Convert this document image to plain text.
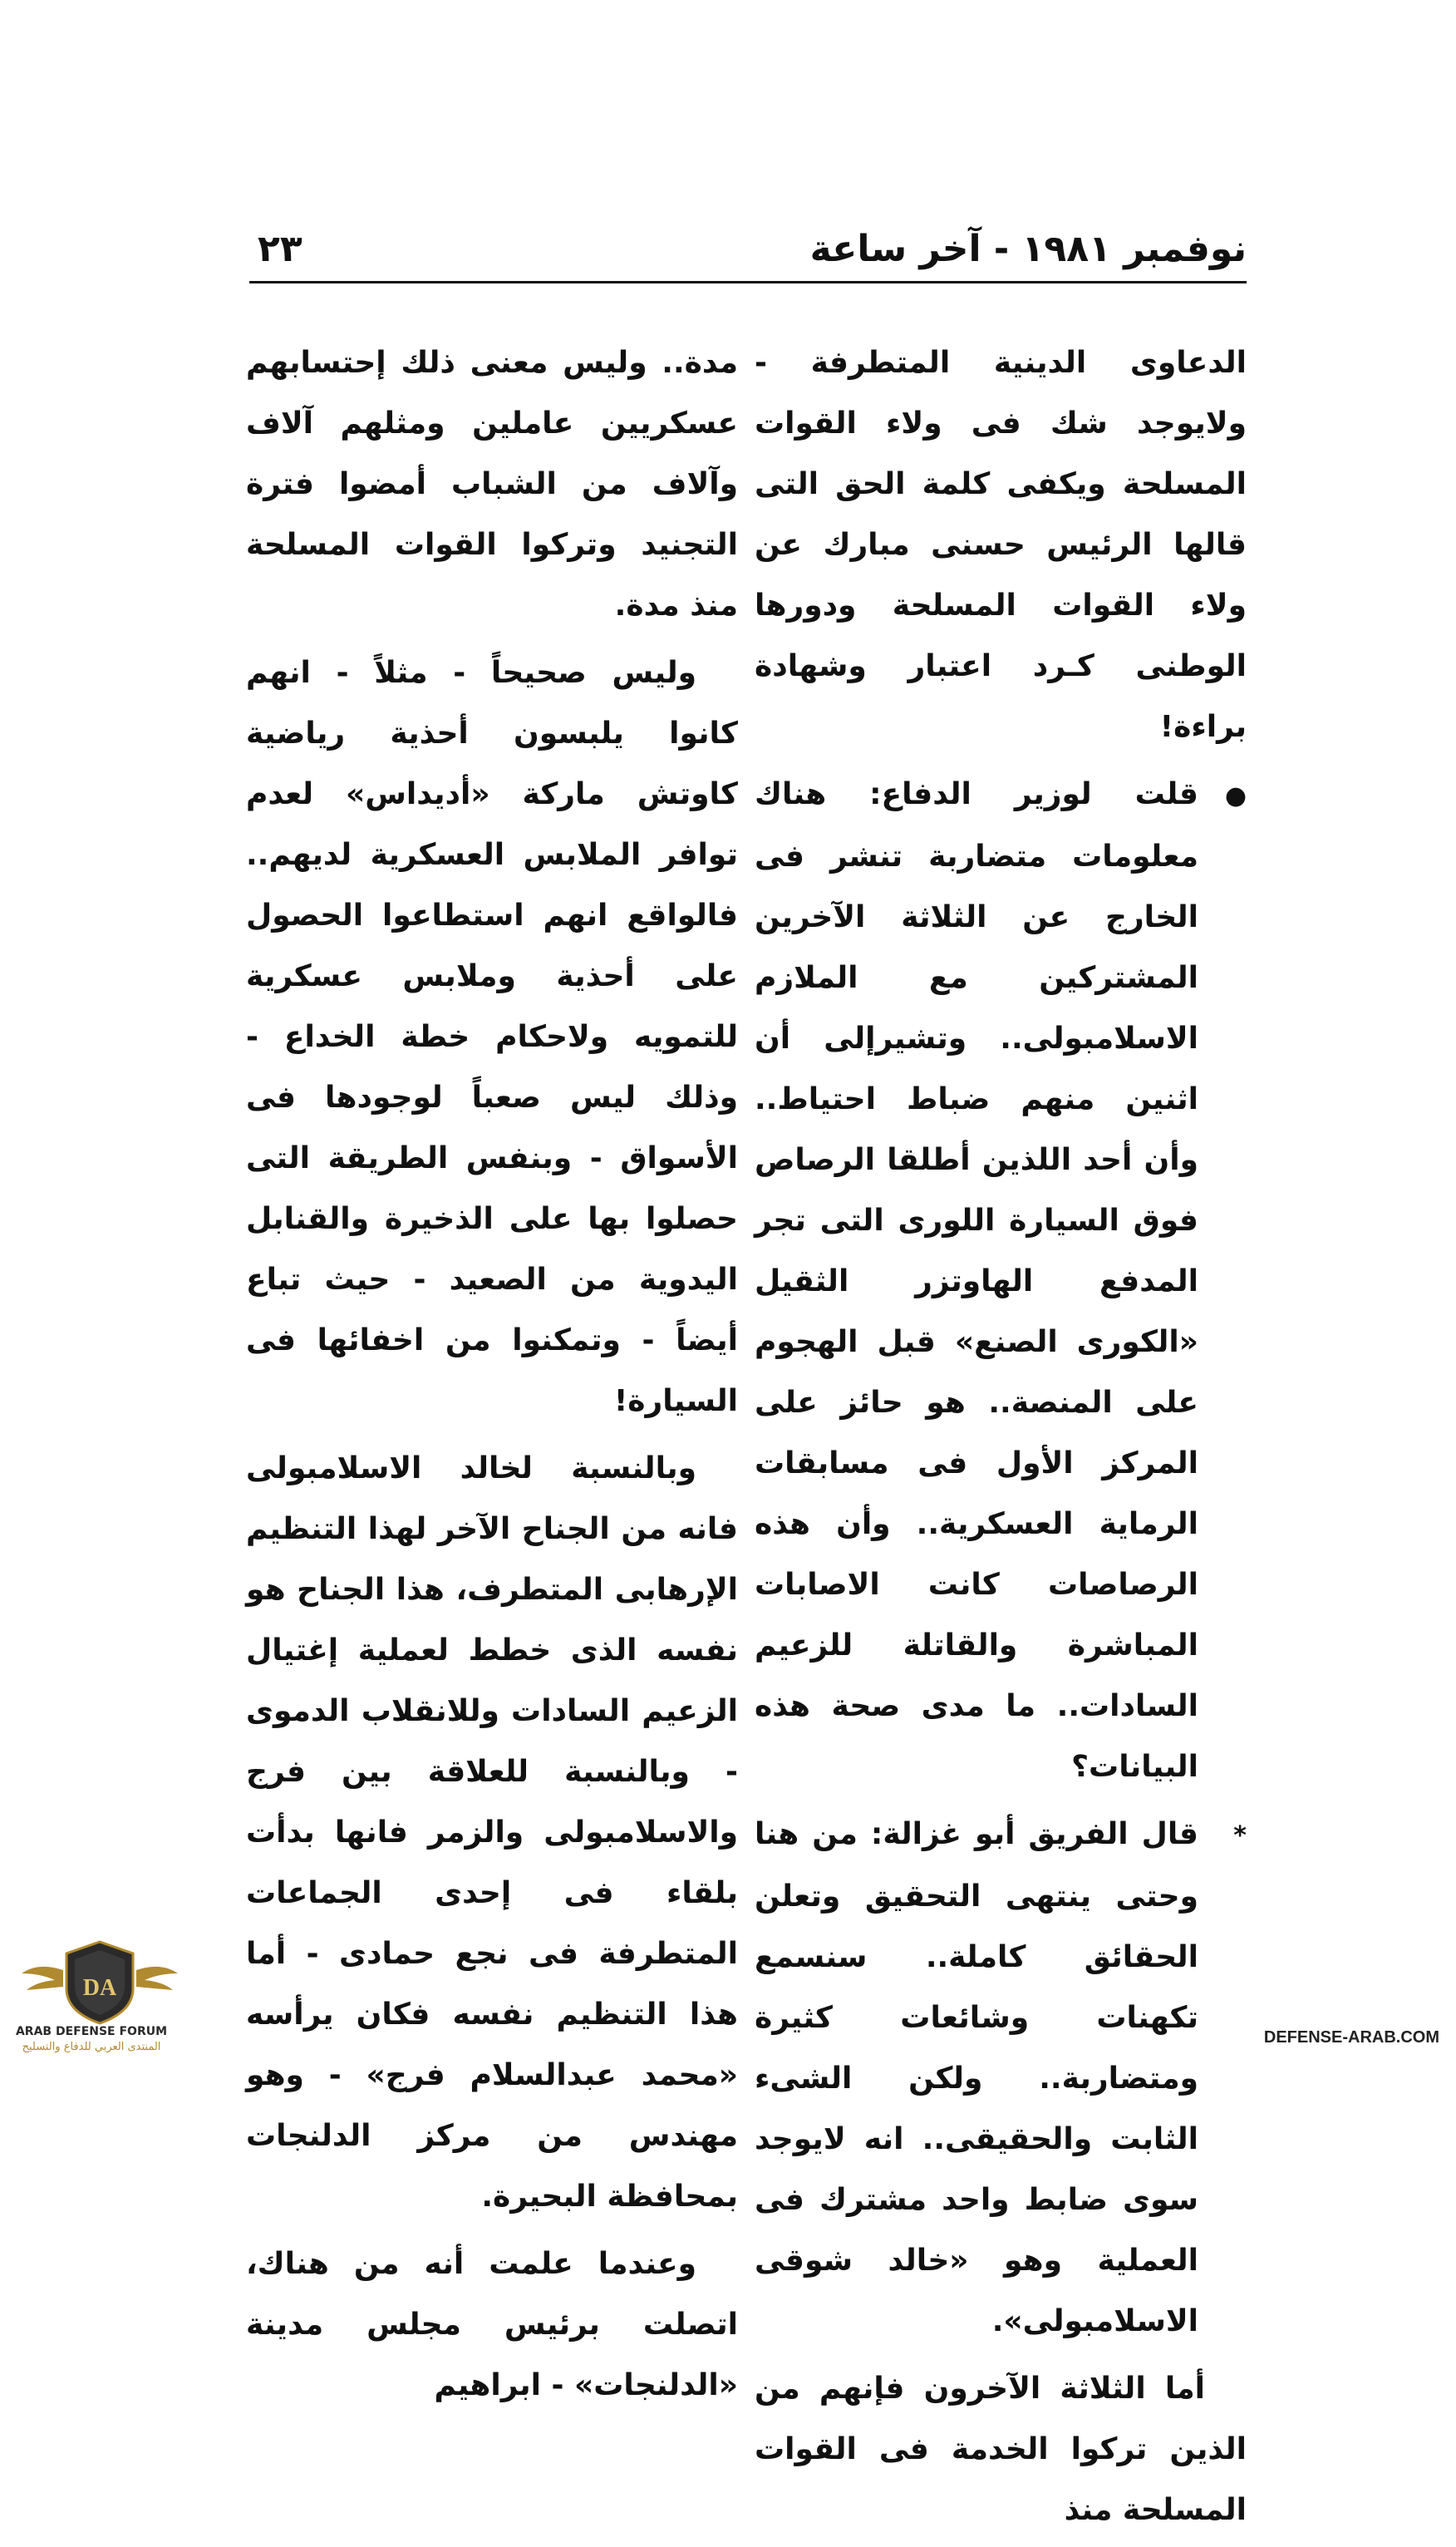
نوفمبر ١٩٨١ - آخر ساعة
٢٣

الدعاوى الدينية المتطرفة - ولايوجد شك فى ولاء القوات المسلحة ويكفى كلمة الحق التى قالها الرئيس حسنى مبارك عن ولاء القوات المسلحة ودورها الوطنى كـرد اعتبار وشهادة براءة!

●قلت لوزير الدفاع: هناك معلومات متضاربة تنشر فى الخارج عن الثلاثة الآخرين المشتركين مع الملازم الاسلامبولى.. وتشيرإلى أن اثنين منهم ضباط احتياط.. وأن أحد اللذين أطلقا الرصاص فوق السيارة اللورى التى تجر المدفع الهاوتزر الثقيل «الكورى الصنع» قبل الهجوم على المنصة.. هو حائز على المركز الأول فى مسابقات الرماية العسكرية.. وأن هذه الرصاصات كانت الاصابات المباشرة والقاتلة للزعيم السادات.. ما مدى صحة هذه البيانات؟

*قال الفريق أبو غزالة: من هنا وحتى ينتهى التحقيق وتعلن الحقائق كاملة.. سنسمع تكهنات وشائعات كثيرة ومتضاربة.. ولكن الشىء الثابت والحقيقى.. انه لايوجد سوى ضابط واحد مشترك فى العملية وهو «خالد شوقى الاسلامبولى».

أما الثلاثة الآخرون فإنهم من الذين تركوا الخدمة فى القوات المسلحة منذ

مدة.. وليس معنى ذلك إحتسابهم عسكريين عاملين ومثلهم آلاف وآلاف من الشباب أمضوا فترة التجنيد وتركوا القوات المسلحة منذ مدة.

وليس صحيحاً - مثلاً - انهم كانوا يلبسون أحذية رياضية كاوتش ماركة «أديداس» لعدم توافر الملابس العسكرية لديهم.. فالواقع انهم استطاعوا الحصول على أحذية وملابس عسكرية للتمويه ولاحكام خطة الخداع - وذلك ليس صعباً لوجودها فى الأسواق - وبنفس الطريقة التى حصلوا بها على الذخيرة والقنابل اليدوية من الصعيد - حيث تباع أيضاً - وتمكنوا من اخفائها فى السيارة!

وبالنسبة لخالد الاسلامبولى فانه من الجناح الآخر لهذا التنظيم الإرهابى المتطرف، هذا الجناح هو نفسه الذى خطط لعملية إغتيال الزعيم السادات وللانقلاب الدموى - وبالنسبة للعلاقة بين فرج والاسلامبولى والزمر فانها بدأت بلقاء فى إحدى الجماعات المتطرفة فى نجع حمادى - أما هذا التنظيم نفسه فكان يرأسه «محمد عبدالسلام فرج» - وهو مهندس من مركز الدلنجات بمحافظة البحيرة.

وعندما علمت أنه من هناك، اتصلت برئيس مجلس مدينة «الدلنجات» - ابراهيم

DA
ARAB DEFENSE FORUM
المنتدى العربي للدفاع والتسليح
DEFENSE-ARAB.COM
